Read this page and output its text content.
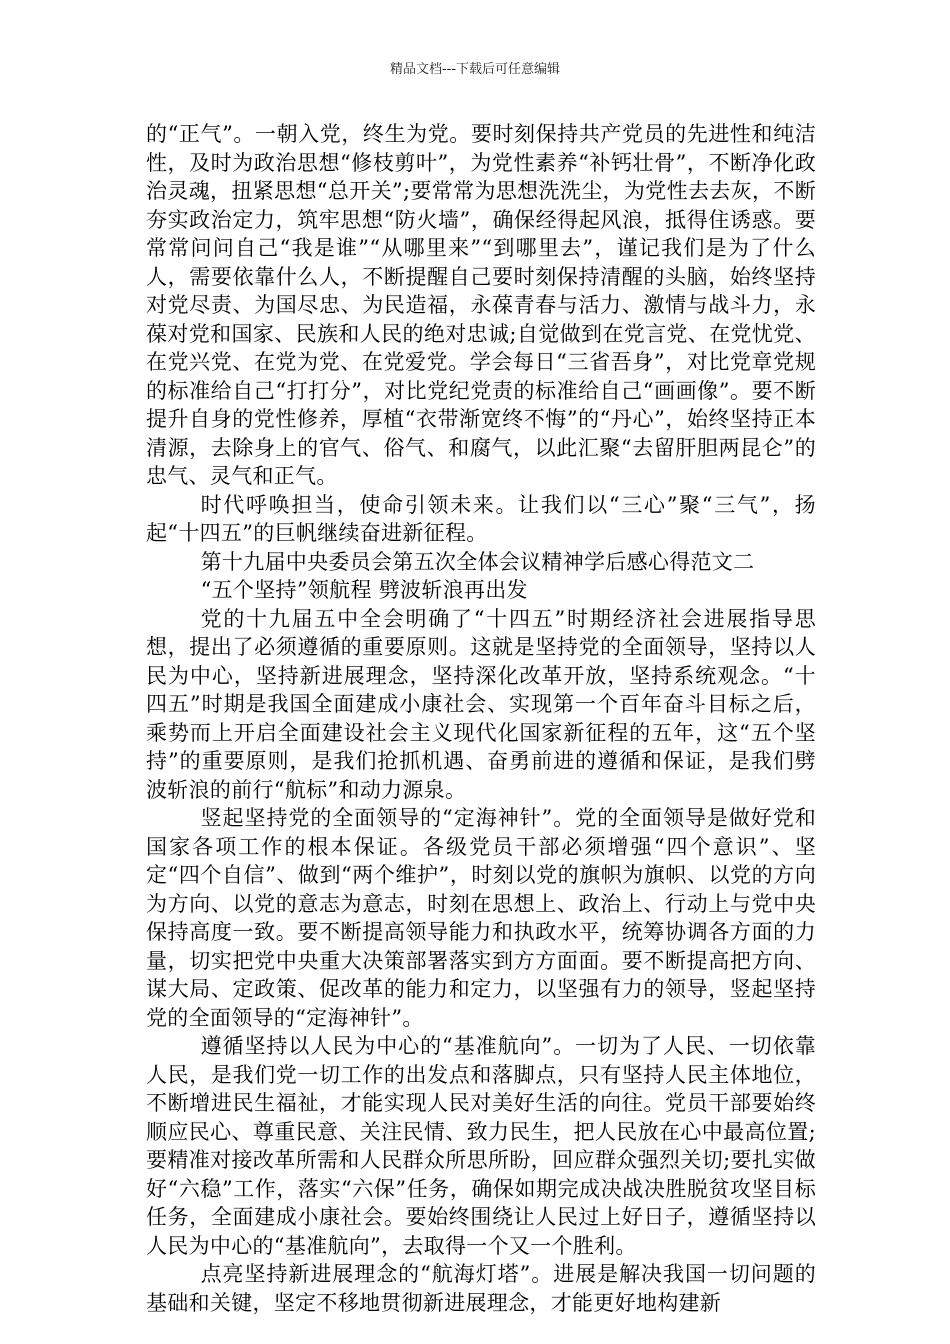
精品文档---下载后可任意编辑

的“正气”。一朝入党，终生为党。要时刻保持共产党员的先进性和纯洁性，及时为政治思想“修枝剪叶”，为党性素养“补钙壮骨”，不断净化政治灵魂，扭紧思想“总开关”;要常常为思想洗洗尘，为党性去去灰，不断夯实政治定力，筑牢思想“防火墙”，确保经得起风浪，抵得住诱惑。要常常问问自己“我是谁”“从哪里来”“到哪里去”，谨记我们是为了什么人，需要依靠什么人，不断提醒自己要时刻保持清醒的头脑，始终坚持对党尽责、为国尽忠、为民造福，永葆青春与活力、激情与战斗力，永葆对党和国家、民族和人民的绝对忠诚;自觉做到在党言党、在党忧党、在党兴党、在党为党、在党爱党。学会每日“三省吾身”，对比党章党规的标准给自己“打打分”，对比党纪党责的标准给自己“画画像”。要不断提升自身的党性修养，厚植“衣带渐宽终不悔”的“丹心”，始终坚持正本清源，去除身上的官气、俗气、和腐气，以此汇聚“去留肝胆两昆仑”的忠气、灵气和正气。

时代呼唤担当，使命引领未来。让我们以“三心”聚“三气”，扬起“十四五”的巨帆继续奋进新征程。

第十九届中央委员会第五次全体会议精神学后感心得范文二

“五个坚持”领航程 劈波斩浪再出发

党的十九届五中全会明确了“十四五”时期经济社会进展指导思想，提出了必须遵循的重要原则。这就是坚持党的全面领导，坚持以人民为中心，坚持新进展理念，坚持深化改革开放，坚持系统观念。“十四五”时期是我国全面建成小康社会、实现第一个百年奋斗目标之后，乘势而上开启全面建设社会主义现代化国家新征程的五年，这“五个坚持”的重要原则，是我们抢抓机遇、奋勇前进的遵循和保证，是我们劈波斩浪的前行“航标”和动力源泉。

竖起坚持党的全面领导的“定海神针”。党的全面领导是做好党和国家各项工作的根本保证。各级党员干部必须增强“四个意识”、坚定“四个自信”、做到“两个维护”，时刻以党的旗帜为旗帜、以党的方向为方向、以党的意志为意志，时刻在思想上、政治上、行动上与党中央保持高度一致。要不断提高领导能力和执政水平，统筹协调各方面的力量，切实把党中央重大决策部署落实到方方面面。要不断提高把方向、谋大局、定政策、促改革的能力和定力，以坚强有力的领导，竖起坚持党的全面领导的“定海神针”。

遵循坚持以人民为中心的“基准航向”。一切为了人民、一切依靠人民，是我们党一切工作的出发点和落脚点，只有坚持人民主体地位，不断增进民生福祉，才能实现人民对美好生活的向往。党员干部要始终顺应民心、尊重民意、关注民情、致力民生，把人民放在心中最高位置;要精准对接改革所需和人民群众所思所盼，回应群众强烈关切;要扎实做好“六稳”工作，落实“六保”任务，确保如期完成决战决胜脱贫攻坚目标任务，全面建成小康社会。要始终围绕让人民过上好日子，遵循坚持以人民为中心的“基准航向”，去取得一个又一个胜利。

点亮坚持新进展理念的“航海灯塔”。进展是解决我国一切问题的基础和关键，坚定不移地贯彻新进展理念，才能更好地构建新
